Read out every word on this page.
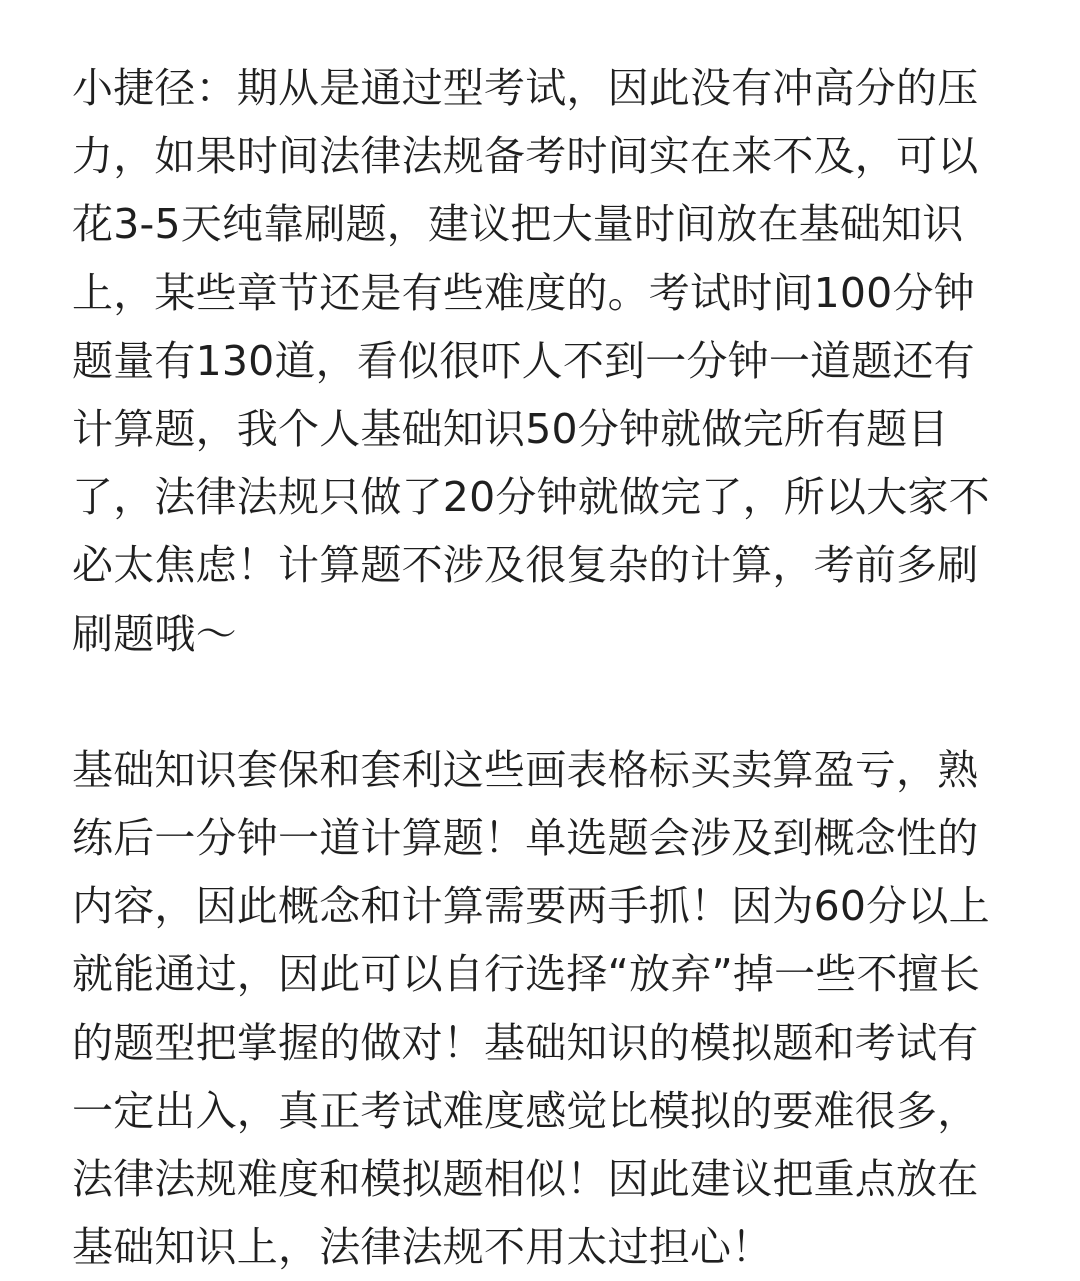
小捷径：期从是通过型考试，因此没有冲高分的压
力，如果时间法律法规备考时间实在来不及，可以
花3-5天纯靠刷题，建议把大量时间放在基础知识
上，某些章节还是有些难度的。考试时间100分钟
题量有130道，看似很吓人不到一分钟一道题还有
计算题，我个人基础知识50分钟就做完所有题目
了，法律法规只做了20分钟就做完了，所以大家不
必太焦虑！计算题不涉及很复杂的计算，考前多刷
刷题哦～
基础知识套保和套利这些画表格标买卖算盈亏，熟
练后一分钟一道计算题！单选题会涉及到概念性的
内容，因此概念和计算需要两手抓！因为60分以上
就能通过，因此可以自行选择“放弃”掉一些不擅长
的题型把掌握的做对！基础知识的模拟题和考试有
一定出入，真正考试难度感觉比模拟的要难很多，
法律法规难度和模拟题相似！因此建议把重点放在
基础知识上，法律法规不用太过担心！
